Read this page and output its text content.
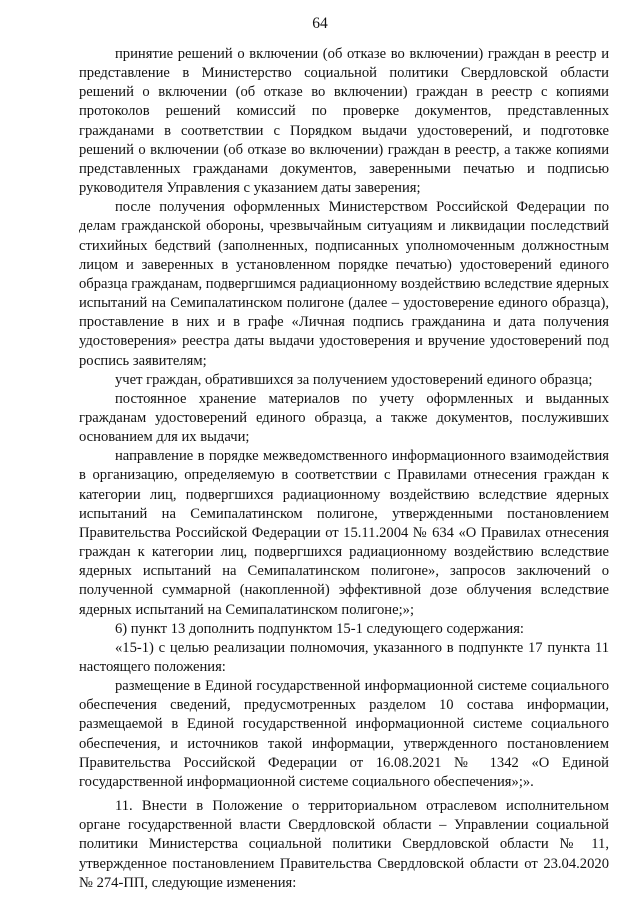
64

принятие решений о включении (об отказе во включении) граждан в реестр и представление в Министерство социальной политики Свердловской области решений о включении (об отказе во включении) граждан в реестр с копиями протоколов решений комиссий по проверке документов, представленных гражданами в соответствии с Порядком выдачи удостоверений, и подготовке решений о включении (об отказе во включении) граждан в реестр, а также копиями представленных гражданами документов, заверенными печатью и подписью руководителя Управления с указанием даты заверения;

после получения оформленных Министерством Российской Федерации по делам гражданской обороны, чрезвычайным ситуациям и ликвидации последствий стихийных бедствий (заполненных, подписанных уполномоченным должностным лицом и заверенных в установленном порядке печатью) удостоверений единого образца гражданам, подвергшимся радиационному воздействию вследствие ядерных испытаний на Семипалатинском полигоне (далее – удостоверение единого образца), проставление в них и в графе «Личная подпись гражданина и дата получения удостоверения» реестра даты выдачи удостоверения и вручение удостоверений под роспись заявителям;

учет граждан, обратившихся за получением удостоверений единого образца;

постоянное хранение материалов по учету оформленных и выданных гражданам удостоверений единого образца, а также документов, послуживших основанием для их выдачи;

направление в порядке межведомственного информационного взаимодействия в организацию, определяемую в соответствии с Правилами отнесения граждан к категории лиц, подвергшихся радиационному воздействию вследствие ядерных испытаний на Семипалатинском полигоне, утвержденными постановлением Правительства Российской Федерации от 15.11.2004 № 634 «О Правилах отнесения граждан к категории лиц, подвергшихся радиационному воздействию вследствие ядерных испытаний на Семипалатинском полигоне», запросов заключений о полученной суммарной (накопленной) эффективной дозе облучения вследствие ядерных испытаний на Семипалатинском полигоне;»;

6) пункт 13 дополнить подпунктом 15-1 следующего содержания:

«15-1) с целью реализации полномочия, указанного в подпункте 17 пункта 11 настоящего положения:

размещение в Единой государственной информационной системе социального обеспечения сведений, предусмотренных разделом 10 состава информации, размещаемой в Единой государственной информационной системе социального обеспечения, и источников такой информации, утвержденного постановлением Правительства Российской Федерации от 16.08.2021 № 1342 «О Единой государственной информационной системе социального обеспечения»;».

11. Внести в Положение о территориальном отраслевом исполнительном органе государственной власти Свердловской области – Управлении социальной политики Министерства социальной политики Свердловской области № 11, утвержденное постановлением Правительства Свердловской области от 23.04.2020 № 274-ПП, следующие изменения:
